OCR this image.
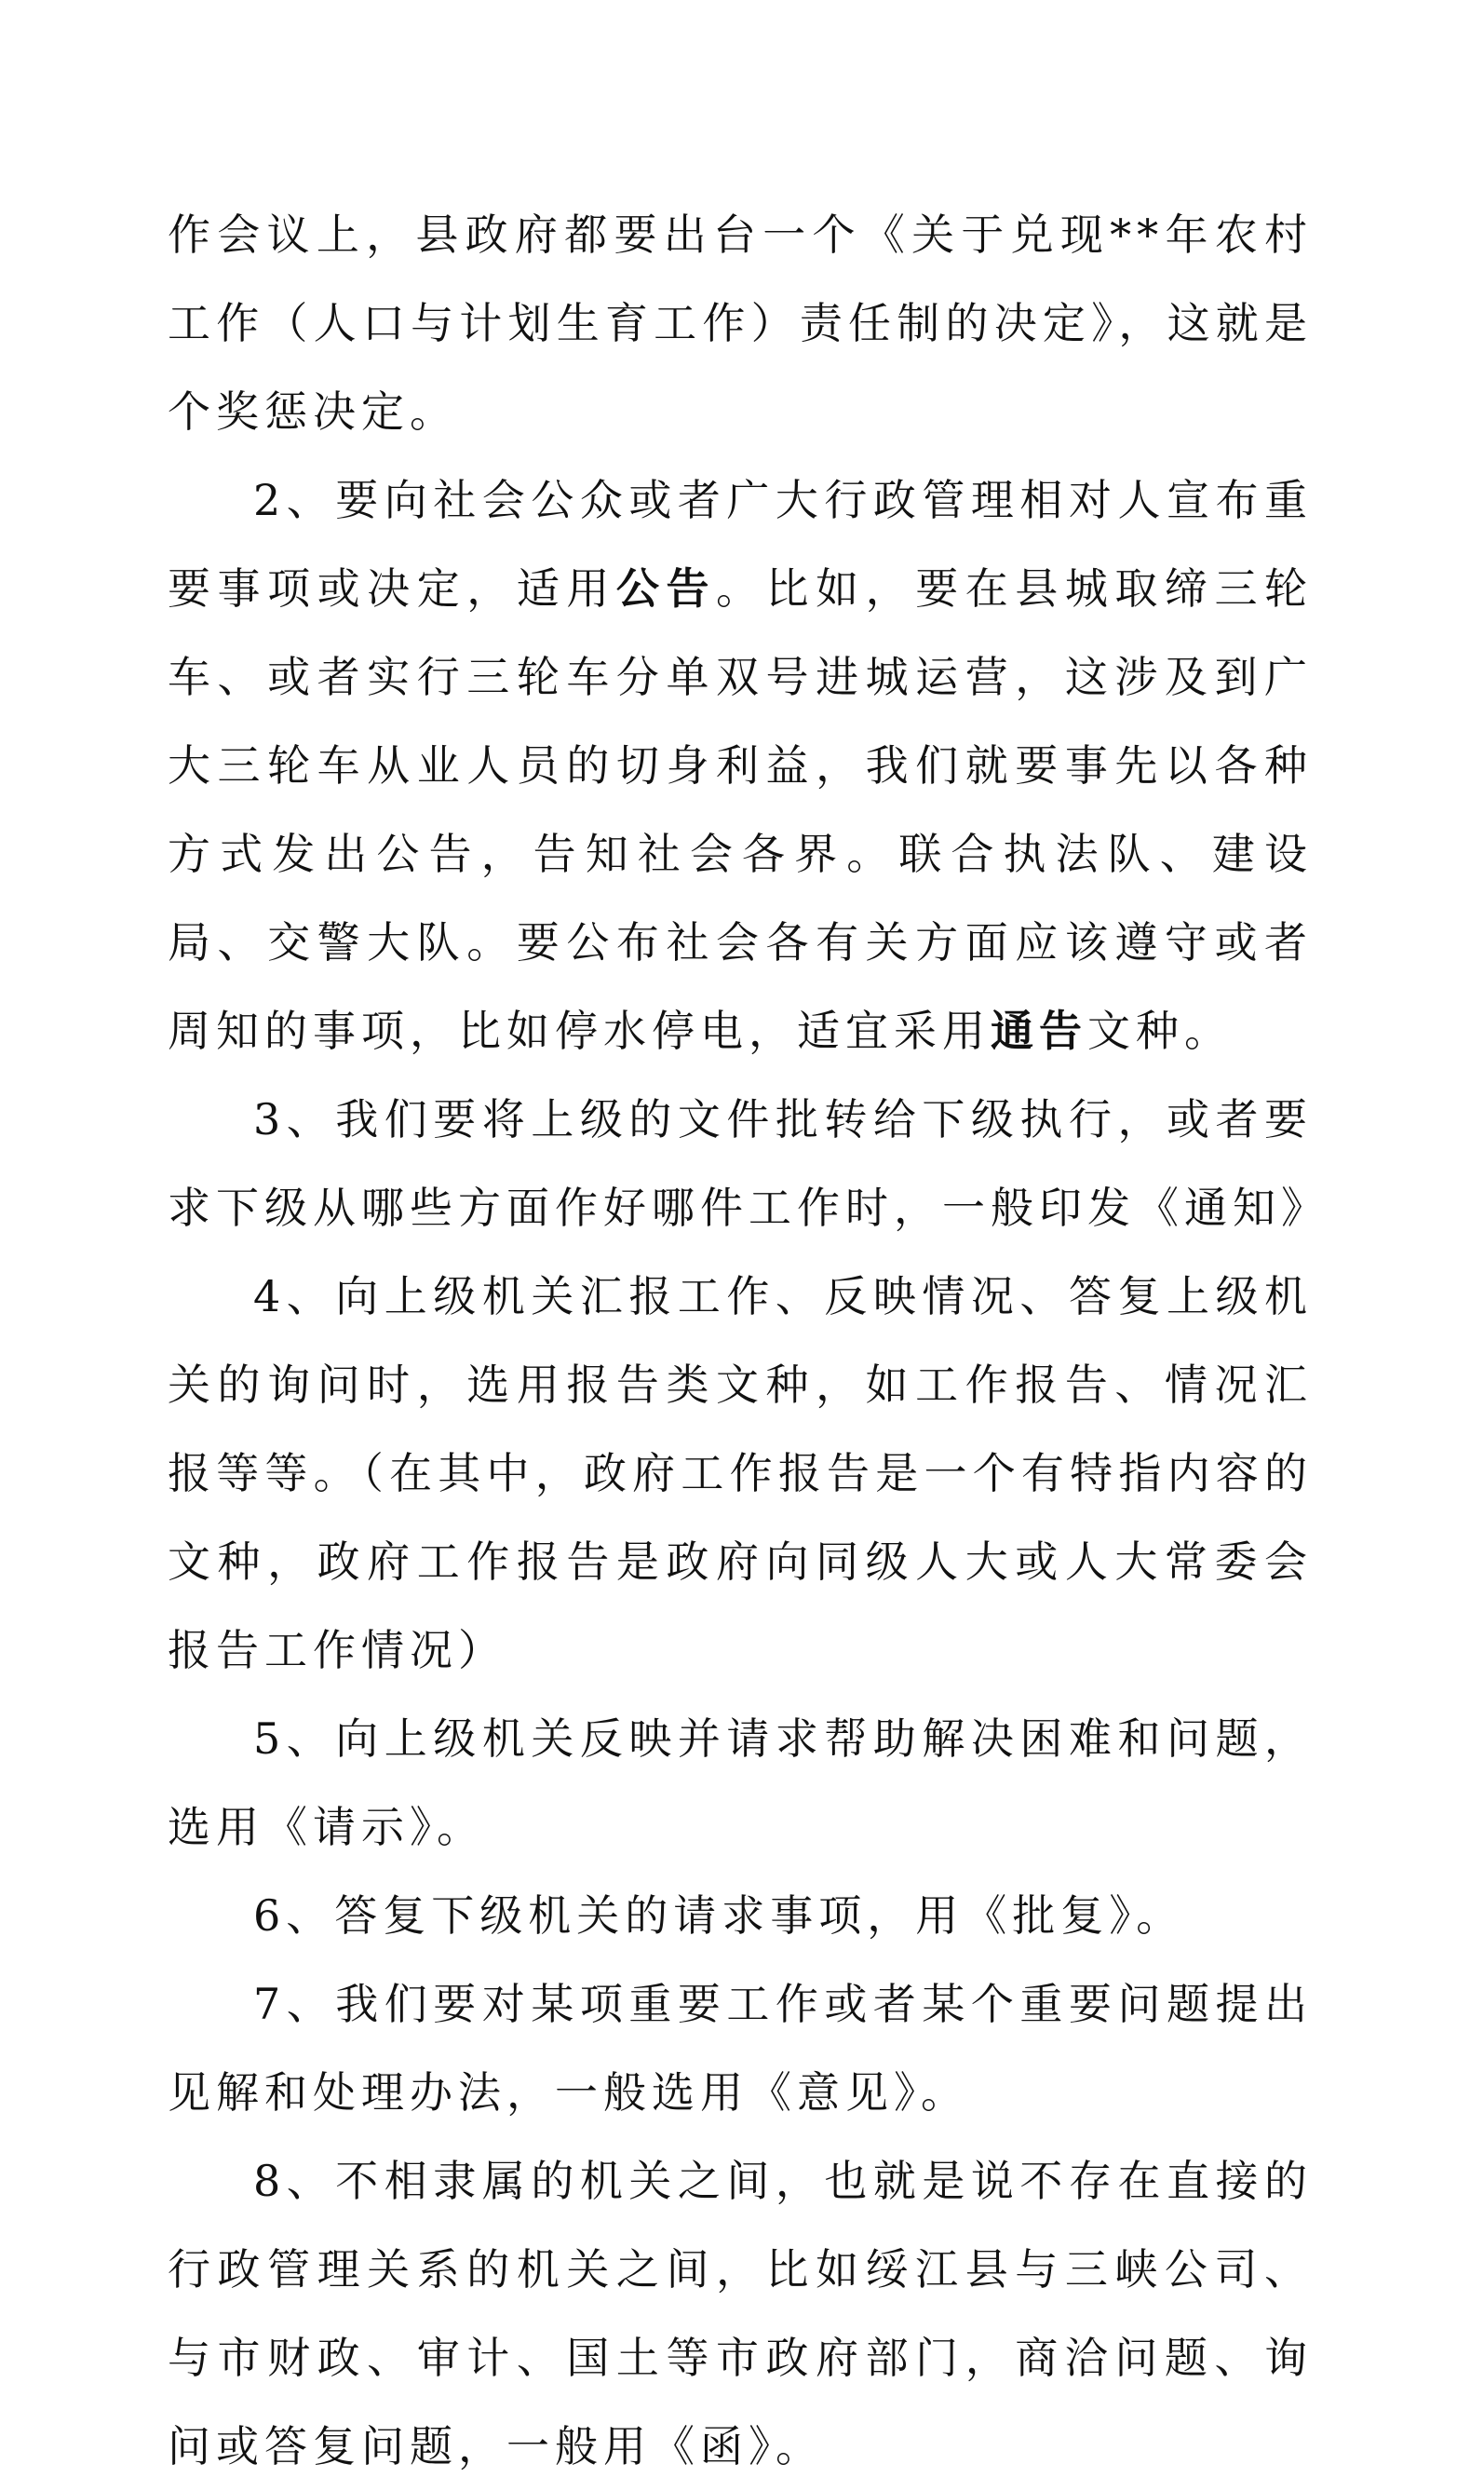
作会议上，县政府都要出台一个《关于兑现**年农村工作（人口与计划生育工作）责任制的决定》，这就是个奖惩决定。

2、要向社会公众或者广大行政管理相对人宣布重要事项或决定，适用公告。比如，要在县城取缔三轮车、或者实行三轮车分单双号进城运营，这涉及到广大三轮车从业人员的切身利益，我们就要事先以各种方式发出公告，告知社会各界。联合执法队、建设局、交警大队。要公布社会各有关方面应该遵守或者周知的事项，比如停水停电，适宜采用通告文种。

3、我们要将上级的文件批转给下级执行，或者要求下级从哪些方面作好哪件工作时，一般印发《通知》

4、向上级机关汇报工作、反映情况、答复上级机关的询问时，选用报告类文种，如工作报告、情况汇报等等。（在其中，政府工作报告是一个有特指内容的文种，政府工作报告是政府向同级人大或人大常委会报告工作情况）

5、向上级机关反映并请求帮助解决困难和问题，选用《请示》。

6、答复下级机关的请求事项，用《批复》。

7、我们要对某项重要工作或者某个重要问题提出见解和处理办法，一般选用《意见》。

8、不相隶属的机关之间，也就是说不存在直接的行政管理关系的机关之间，比如绥江县与三峡公司、与市财政、审计、国土等市政府部门，商洽问题、询问或答复问题，一般用《函》。
